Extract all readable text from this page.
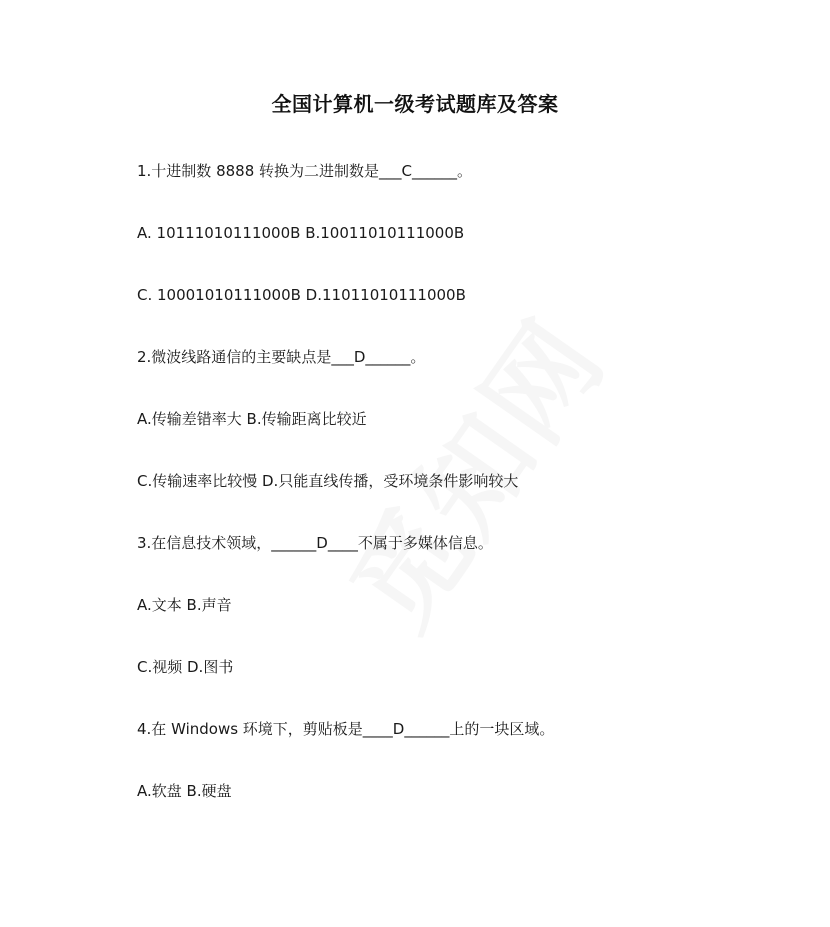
全国计算机一级考试题库及答案
1.十进制数 8888 转换为二进制数是___C______。
A. 10111010111000B B.10011010111000B
C. 10001010111000B D.11011010111000B
2.微波线路通信的主要缺点是___D______。
A.传输差错率大 B.传输距离比较近
C.传输速率比较慢 D.只能直线传播，受环境条件影响较大
3.在信息技术领域，______D____不属于多媒体信息。
A.文本 B.声音
C.视频 D.图书
4.在 Windows 环境下，剪贴板是____D______上的一块区域。
A.软盘 B.硬盘
